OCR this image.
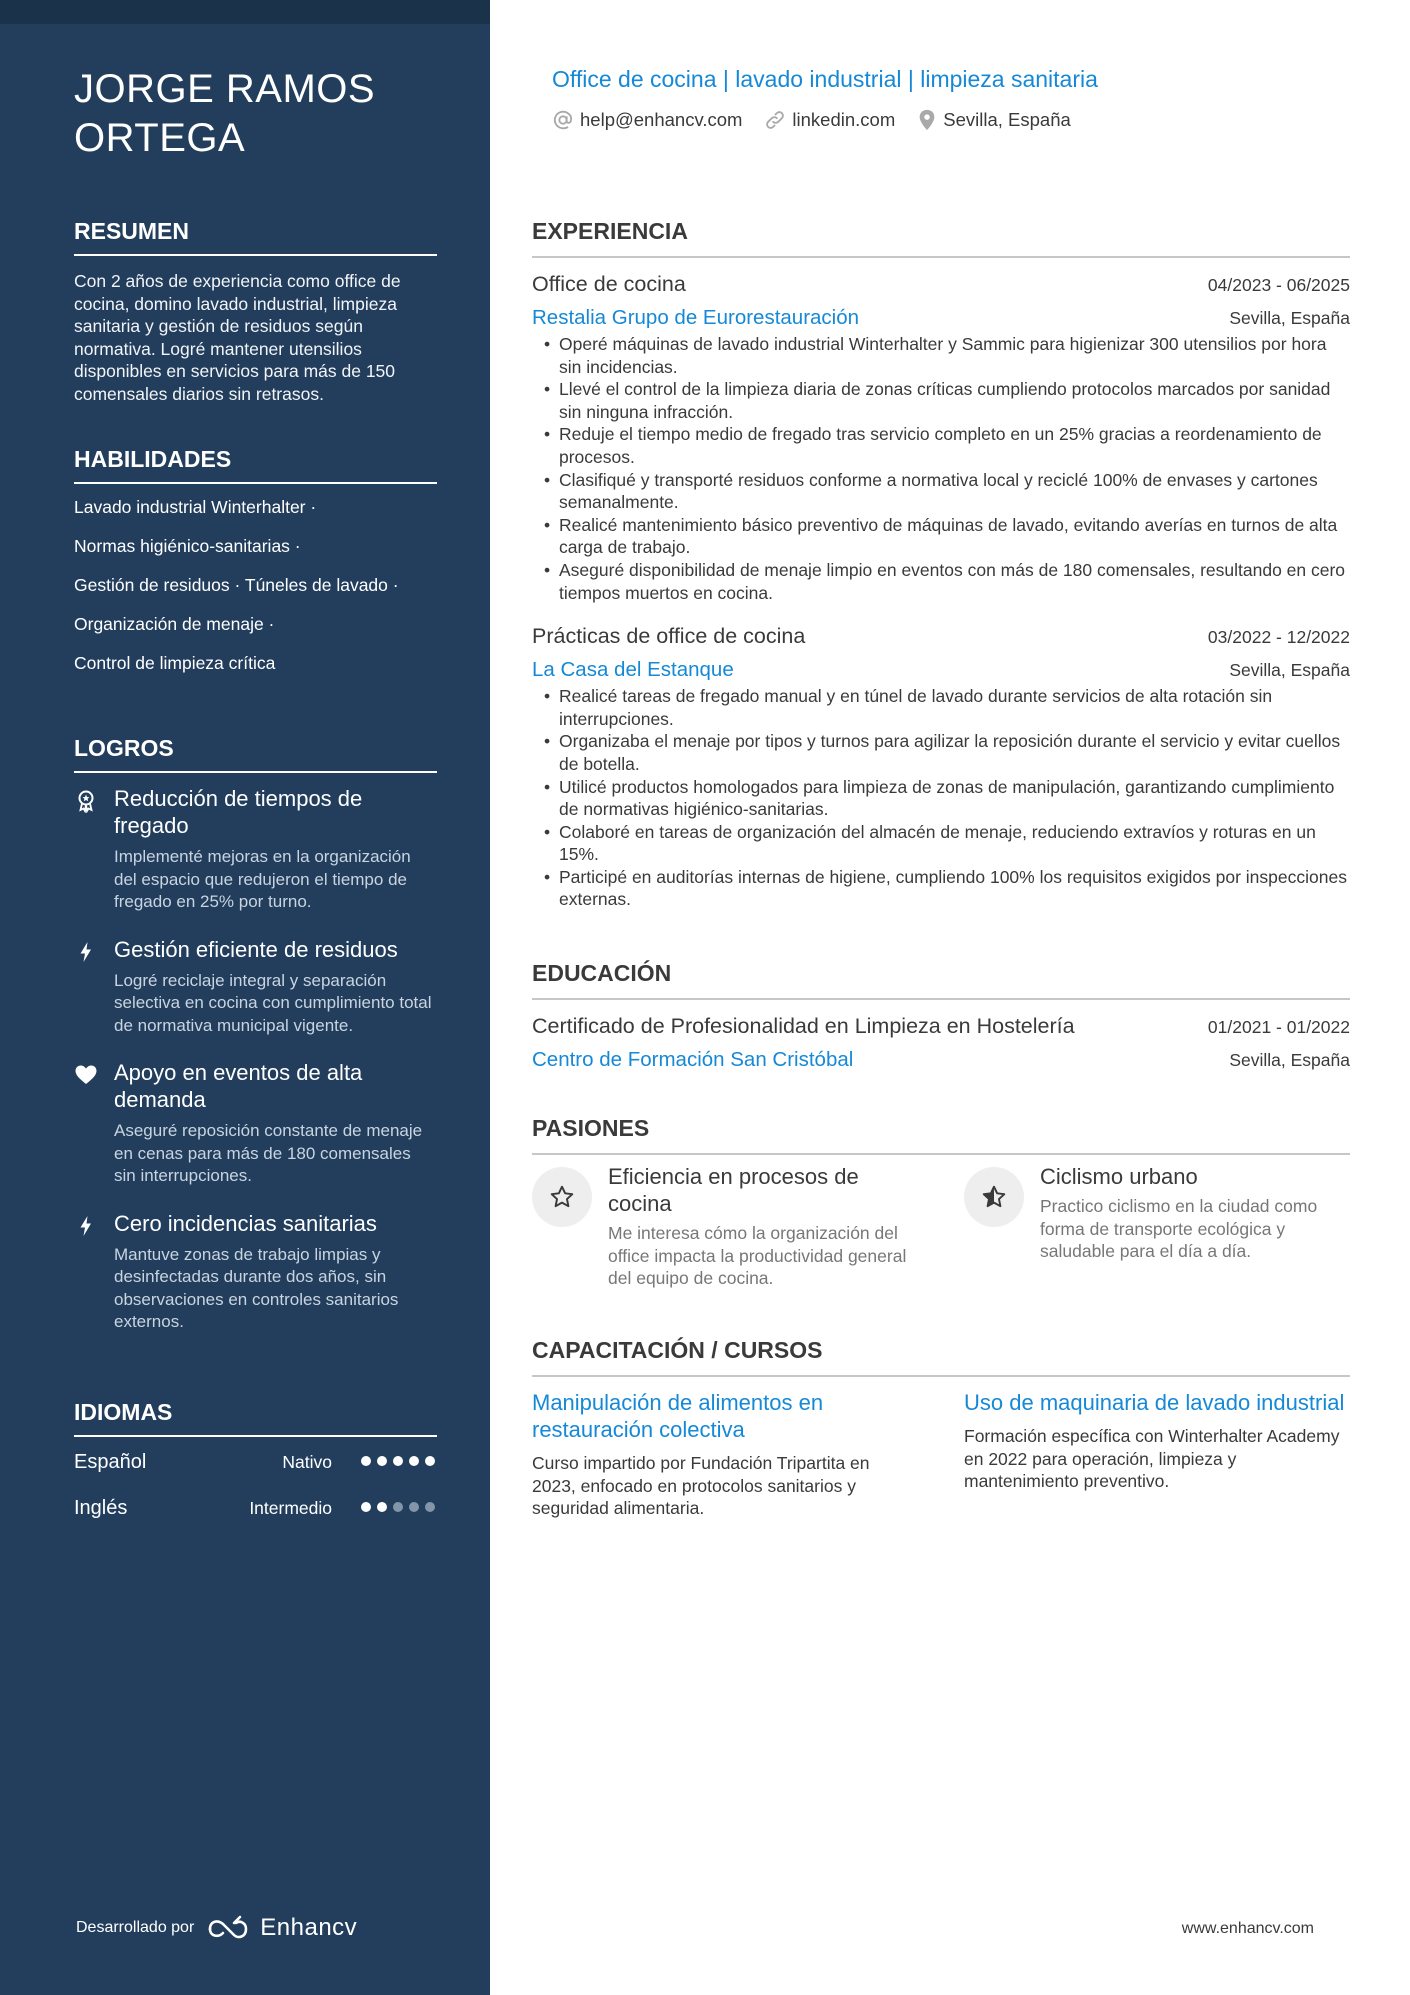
JORGE RAMOS ORTEGA
RESUMEN

Con 2 años de experiencia como office de cocina, domino lavado industrial, limpieza sanitaria y gestión de residuos según normativa. Logré mantener utensilios disponibles en servicios para más de 150 comensales diarios sin retrasos.

HABILIDADES
Lavado industrial Winterhalter ·
Normas higiénico-sanitarias ·
Gestión de residuos · Túneles de lavado ·
Organización de menaje ·
Control de limpieza crítica
LOGROS
Reducción de tiempos de fregado
Implementé mejoras en la organización del espacio que redujeron el tiempo de fregado en 25% por turno.
Gestión eficiente de residuos
Logré reciclaje integral y separación selectiva en cocina con cumplimiento total de normativa municipal vigente.
Apoyo en eventos de alta demanda
Aseguré reposición constante de menaje en cenas para más de 180 comensales sin interrupciones.
Cero incidencias sanitarias
Mantuve zonas de trabajo limpias y desinfectadas durante dos años, sin observaciones en controles sanitarios externos.
IDIOMAS
Español	Nativo
Inglés	Intermedio
Desarrollado por	Enhancv
Office de cocina | lavado industrial | limpieza sanitaria
help@enhancv.com	linkedin.com	Sevilla, España
EXPERIENCIA
Office de cocina	04/2023 - 06/2025
Restalia Grupo de Eurorestauración	Sevilla, España
• Operé máquinas de lavado industrial Winterhalter y Sammic para higienizar 300 utensilios por hora sin incidencias.
• Llevé el control de la limpieza diaria de zonas críticas cumpliendo protocolos marcados por sanidad sin ninguna infracción.
• Reduje el tiempo medio de fregado tras servicio completo en un 25% gracias a reordenamiento de procesos.
• Clasifiqué y transporté residuos conforme a normativa local y reciclé 100% de envases y cartones semanalmente.
• Realicé mantenimiento básico preventivo de máquinas de lavado, evitando averías en turnos de alta carga de trabajo.
• Aseguré disponibilidad de menaje limpio en eventos con más de 180 comensales, resultando en cero tiempos muertos en cocina.
Prácticas de office de cocina	03/2022 - 12/2022
La Casa del Estanque	Sevilla, España
• Realicé tareas de fregado manual y en túnel de lavado durante servicios de alta rotación sin interrupciones.
• Organizaba el menaje por tipos y turnos para agilizar la reposición durante el servicio y evitar cuellos de botella.
• Utilicé productos homologados para limpieza de zonas de manipulación, garantizando cumplimiento de normativas higiénico-sanitarias.
• Colaboré en tareas de organización del almacén de menaje, reduciendo extravíos y roturas en un 15%.
• Participé en auditorías internas de higiene, cumpliendo 100% los requisitos exigidos por inspecciones externas.
EDUCACIÓN
Certificado de Profesionalidad en Limpieza en Hostelería	01/2021 - 01/2022
Centro de Formación San Cristóbal	Sevilla, España
PASIONES
Eficiencia en procesos de cocina
Me interesa cómo la organización del office impacta la productividad general del equipo de cocina.
Ciclismo urbano
Practico ciclismo en la ciudad como forma de transporte ecológica y saludable para el día a día.
CAPACITACIÓN / CURSOS
Manipulación de alimentos en restauración colectiva
Curso impartido por Fundación Tripartita en 2023, enfocado en protocolos sanitarios y seguridad alimentaria.
Uso de maquinaria de lavado industrial
Formación específica con Winterhalter Academy en 2022 para operación, limpieza y mantenimiento preventivo.
www.enhancv.com
